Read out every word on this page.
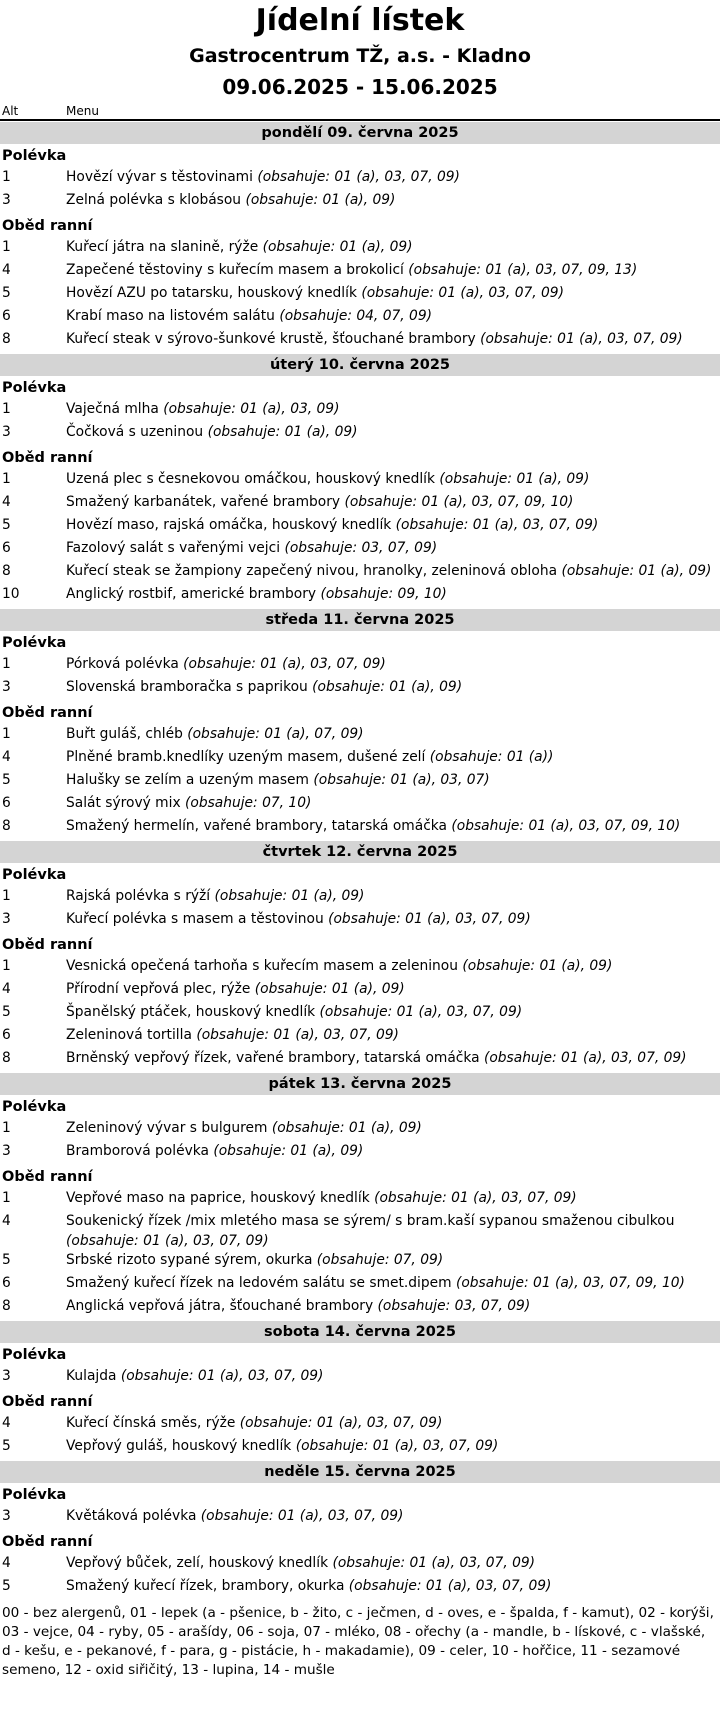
Jídelní lístek
Gastrocentrum TŽ, a.s. - Kladno
09.06.2025 - 15.06.2025
Alt	Menu
pondělí 09. června 2025
Polévka
1	Hovězí vývar s těstovinami (obsahuje: 01 (a), 03, 07, 09)
3	Zelná polévka s klobásou (obsahuje: 01 (a), 09)
Oběd ranní
1	Kuřecí játra na slanině, rýže (obsahuje: 01 (a), 09)
4	Zapečené těstoviny s kuřecím masem a brokolicí (obsahuje: 01 (a), 03, 07, 09, 13)
5	Hovězí AZU po tatarsku, houskový knedlík (obsahuje: 01 (a), 03, 07, 09)
6	Krabí maso na listovém salátu (obsahuje: 04, 07, 09)
8	Kuřecí steak v sýrovo-šunkové krustě, šťouchané brambory (obsahuje: 01 (a), 03, 07, 09)
úterý 10. června 2025
Polévka
1	Vaječná mlha (obsahuje: 01 (a), 03, 09)
3	Čočková s uzeninou (obsahuje: 01 (a), 09)
Oběd ranní
1	Uzená plec s česnekovou omáčkou, houskový knedlík (obsahuje: 01 (a), 09)
4	Smažený karbanátek, vařené brambory (obsahuje: 01 (a), 03, 07, 09, 10)
5	Hovězí maso, rajská omáčka, houskový knedlík (obsahuje: 01 (a), 03, 07, 09)
6	Fazolový salát s vařenými vejci (obsahuje: 03, 07, 09)
8	Kuřecí steak se žampiony zapečený nivou, hranolky, zeleninová obloha (obsahuje: 01 (a), 09)
10	Anglický rostbif, americké brambory (obsahuje: 09, 10)
středa 11. června 2025
Polévka
1	Pórková polévka (obsahuje: 01 (a), 03, 07, 09)
3	Slovenská bramboračka s paprikou (obsahuje: 01 (a), 09)
Oběd ranní
1	Buřt guláš, chléb (obsahuje: 01 (a), 07, 09)
4	Plněné bramb.knedlíky uzeným masem, dušené zelí (obsahuje: 01 (a))
5	Halušky se zelím a uzeným masem (obsahuje: 01 (a), 03, 07)
6	Salát sýrový mix (obsahuje: 07, 10)
8	Smažený hermelín, vařené brambory, tatarská omáčka (obsahuje: 01 (a), 03, 07, 09, 10)
čtvrtek 12. června 2025
Polévka
1	Rajská polévka s rýží (obsahuje: 01 (a), 09)
3	Kuřecí polévka s masem a těstovinou (obsahuje: 01 (a), 03, 07, 09)
Oběd ranní
1	Vesnická opečená tarhoňa s kuřecím masem a zeleninou (obsahuje: 01 (a), 09)
4	Přírodní vepřová plec, rýže (obsahuje: 01 (a), 09)
5	Španělský ptáček, houskový knedlík (obsahuje: 01 (a), 03, 07, 09)
6	Zeleninová tortilla (obsahuje: 01 (a), 03, 07, 09)
8	Brněnský vepřový řízek, vařené brambory, tatarská omáčka (obsahuje: 01 (a), 03, 07, 09)
pátek 13. června 2025
Polévka
1	Zeleninový vývar s bulgurem (obsahuje: 01 (a), 09)
3	Bramborová polévka (obsahuje: 01 (a), 09)
Oběd ranní
1	Vepřové maso na paprice, houskový knedlík (obsahuje: 01 (a), 03, 07, 09)
4	Soukenický řízek /mix mletého masa se sýrem/ s bram.kaší sypanou smaženou cibulkou (obsahuje: 01 (a), 03, 07, 09)
5	Srbské rizoto sypané sýrem, okurka (obsahuje: 07, 09)
6	Smažený kuřecí řízek na ledovém salátu se smet.dipem (obsahuje: 01 (a), 03, 07, 09, 10)
8	Anglická vepřová játra, šťouchané brambory (obsahuje: 03, 07, 09)
sobota 14. června 2025
Polévka
3	Kulajda (obsahuje: 01 (a), 03, 07, 09)
Oběd ranní
4	Kuřecí čínská směs, rýže (obsahuje: 01 (a), 03, 07, 09)
5	Vepřový guláš, houskový knedlík (obsahuje: 01 (a), 03, 07, 09)
neděle 15. června 2025
Polévka
3	Květáková polévka (obsahuje: 01 (a), 03, 07, 09)
Oběd ranní
4	Vepřový bůček, zelí, houskový knedlík (obsahuje: 01 (a), 03, 07, 09)
5	Smažený kuřecí řízek, brambory, okurka (obsahuje: 01 (a), 03, 07, 09)
00 - bez alergenů, 01 - lepek (a - pšenice, b - žito, c - ječmen, d - oves, e - špalda, f - kamut), 02 - korýši, 03 - vejce, 04 - ryby, 05 - arašídy, 06 - soja, 07 - mléko, 08 - ořechy (a - mandle, b - lískové, c - vlašské, d - kešu, e - pekanové, f - para, g - pistácie, h - makadamie), 09 - celer, 10 - hořčice, 11 - sezamové semeno, 12 - oxid siřičitý, 13 - lupina, 14 - mušle
